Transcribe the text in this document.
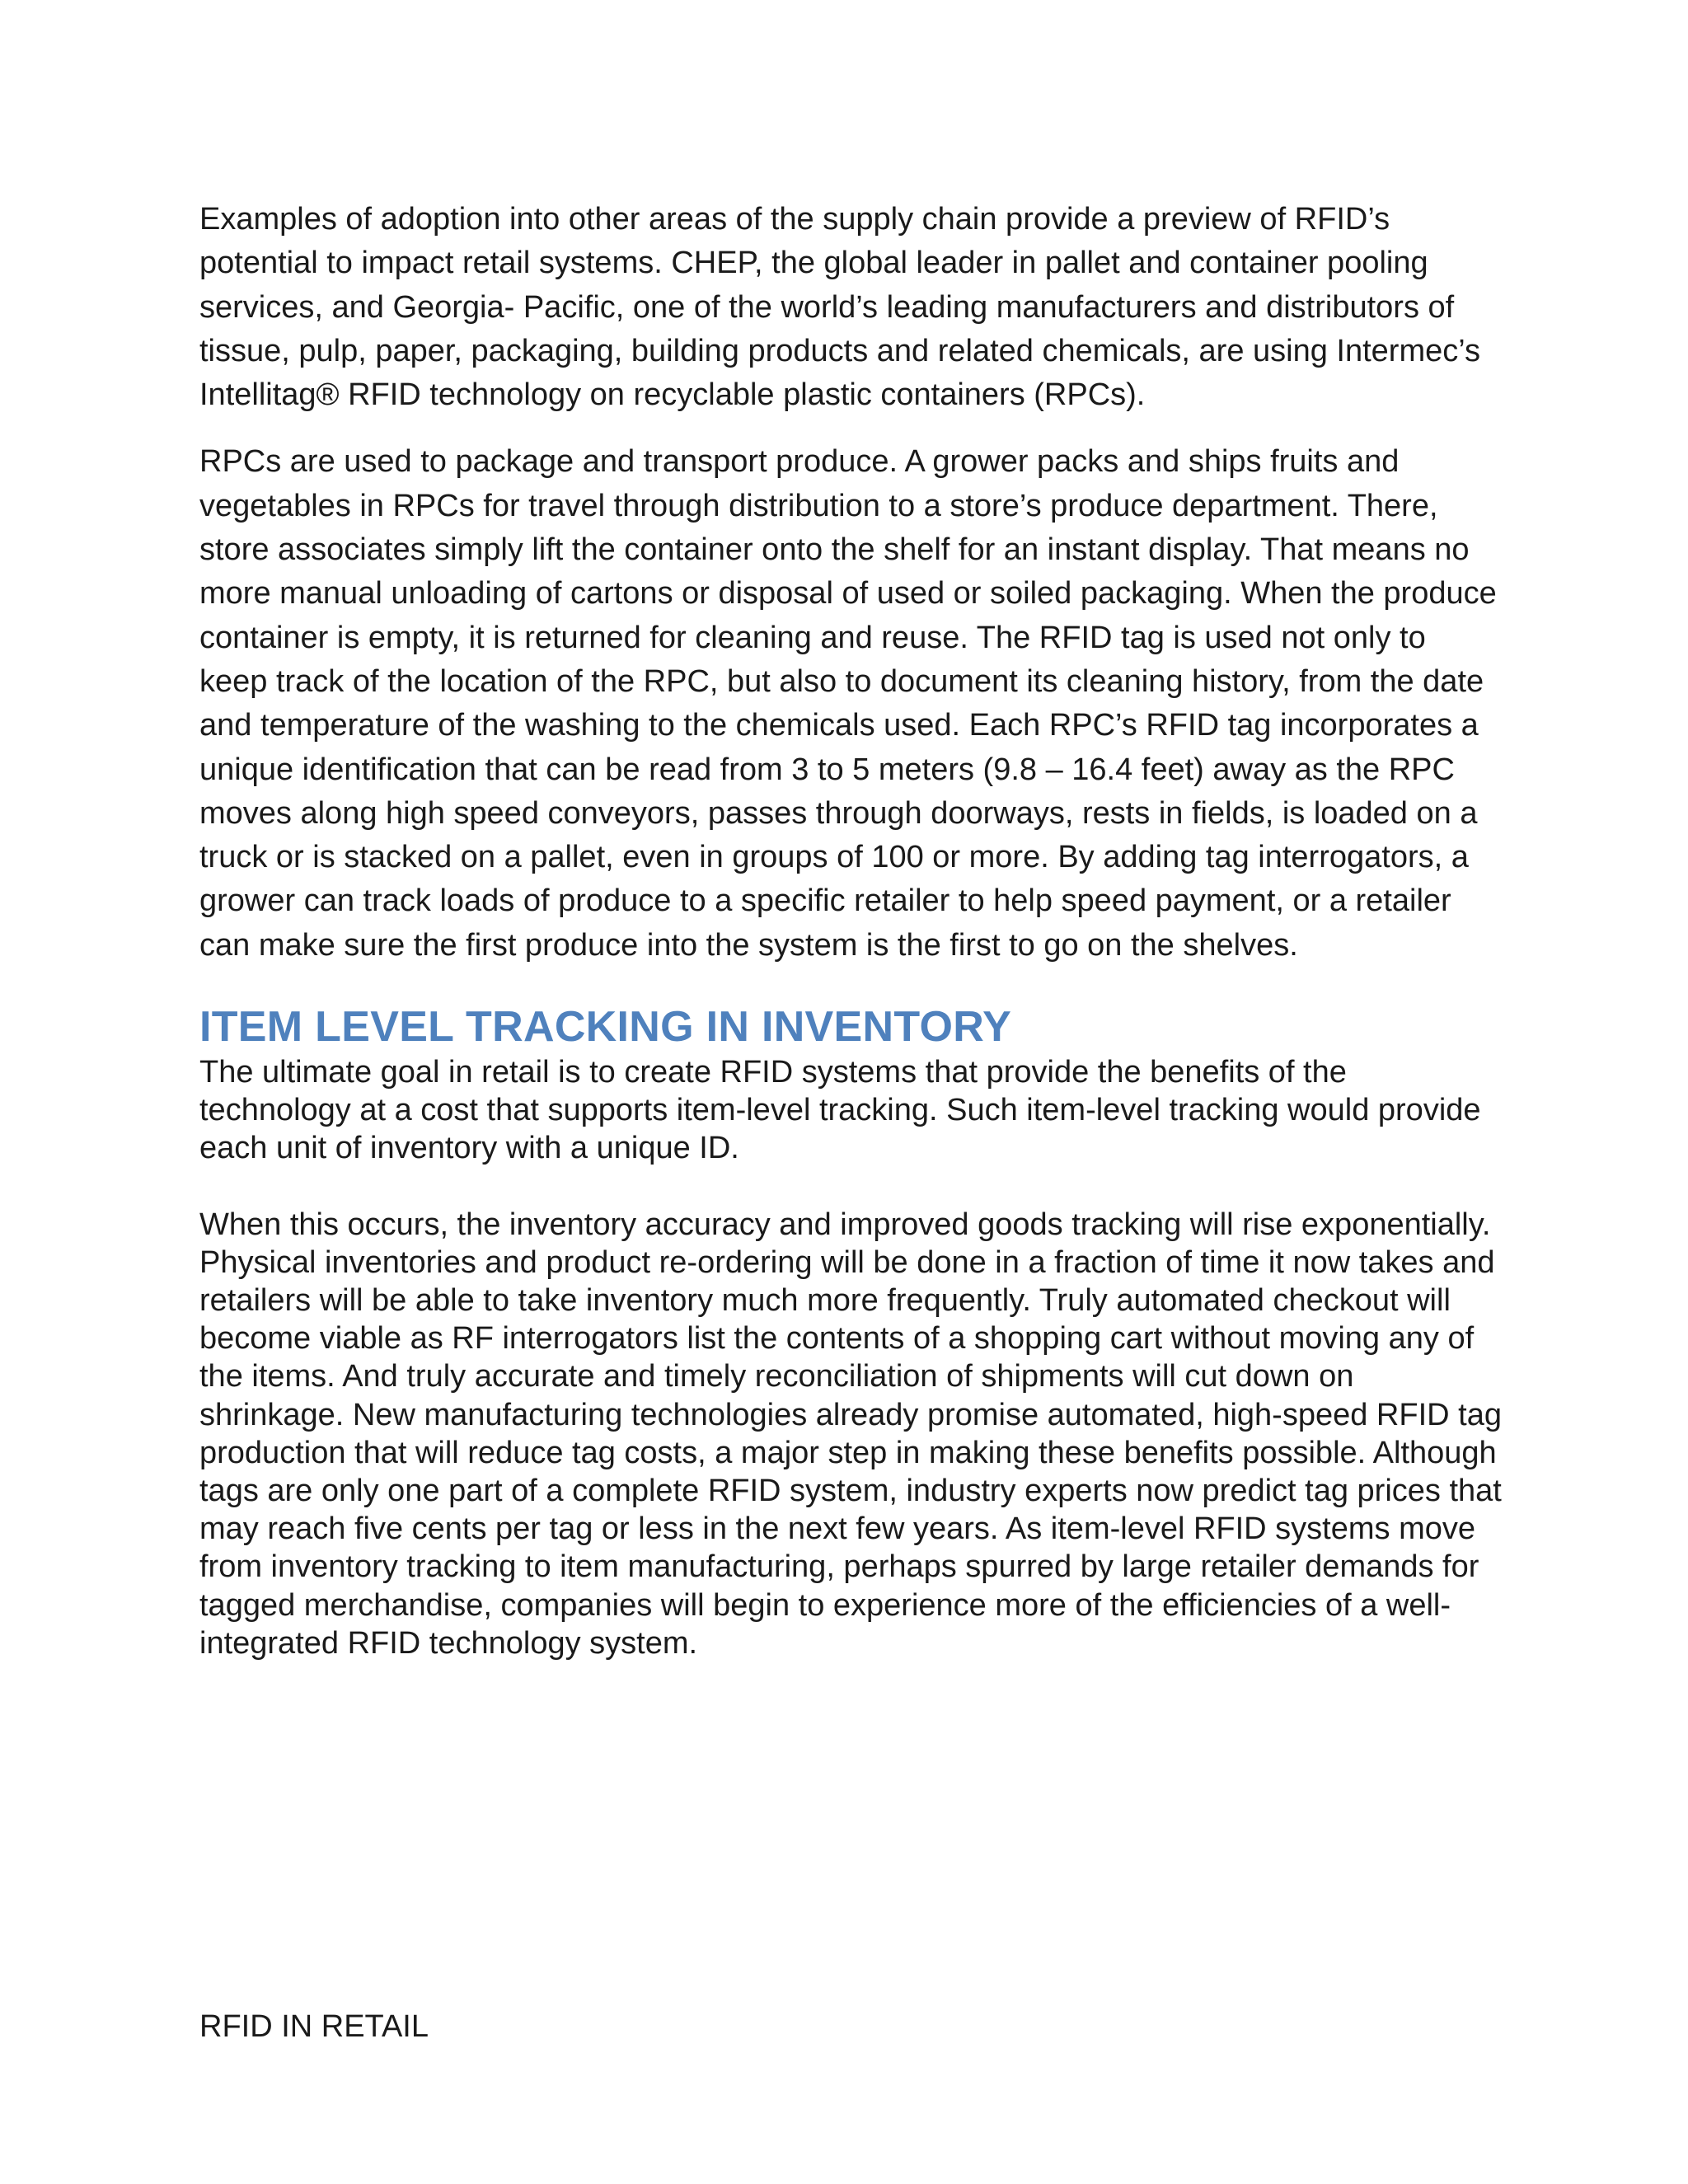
Examples of adoption into other areas of the supply chain provide a preview of RFID’s potential to impact retail systems. CHEP, the global leader in pallet and container pooling services, and Georgia- Pacific, one of the world’s leading manufacturers and distributors of tissue, pulp, paper, packaging, building products and related chemicals, are using Intermec’s Intellitag® RFID technology on recyclable plastic containers (RPCs).

RPCs are used to package and transport produce. A grower packs and ships fruits and vegetables in RPCs for travel through distribution to a store’s produce department. There, store associates simply lift the container onto the shelf for an instant display. That means no more manual unloading of cartons or disposal of used or soiled packaging. When the produce container is empty, it is returned for cleaning and reuse. The RFID tag is used not only to keep track of the location of the RPC, but also to document its cleaning history, from the date and temperature of the washing to the chemicals used. Each RPC’s RFID tag incorporates a unique identification that can be read from 3 to 5 meters (9.8 – 16.4 feet) away as the RPC moves along high speed conveyors, passes through doorways, rests in fields, is loaded on a truck or is stacked on a pallet, even in groups of 100 or more. By adding tag interrogators, a grower can track loads of produce to a specific retailer to help speed payment, or a retailer can make sure the first produce into the system is the first to go on the shelves.

ITEM LEVEL TRACKING IN INVENTORY

The ultimate goal in retail is to create RFID systems that provide the benefits of the technology at a cost that supports item-level tracking. Such item-level tracking would provide each unit of inventory with a unique ID.

When this occurs, the inventory accuracy and improved goods tracking will rise exponentially. Physical inventories and product re-ordering will be done in a fraction of time it now takes and retailers will be able to take inventory much more frequently. Truly automated checkout will become viable as RF interrogators list the contents of a shopping cart without moving any of the items. And truly accurate and timely reconciliation of shipments will cut down on shrinkage. New manufacturing technologies already promise automated, high-speed RFID tag production that will reduce tag costs, a major step in making these benefits possible. Although tags are only one part of a complete RFID system, industry experts now predict tag prices that may reach five cents per tag or less in the next few years. As item-level RFID systems move from inventory tracking to item manufacturing, perhaps spurred by large retailer demands for tagged merchandise, companies will begin to experience more of the efficiencies of a well-integrated RFID technology system.

RFID IN RETAIL
